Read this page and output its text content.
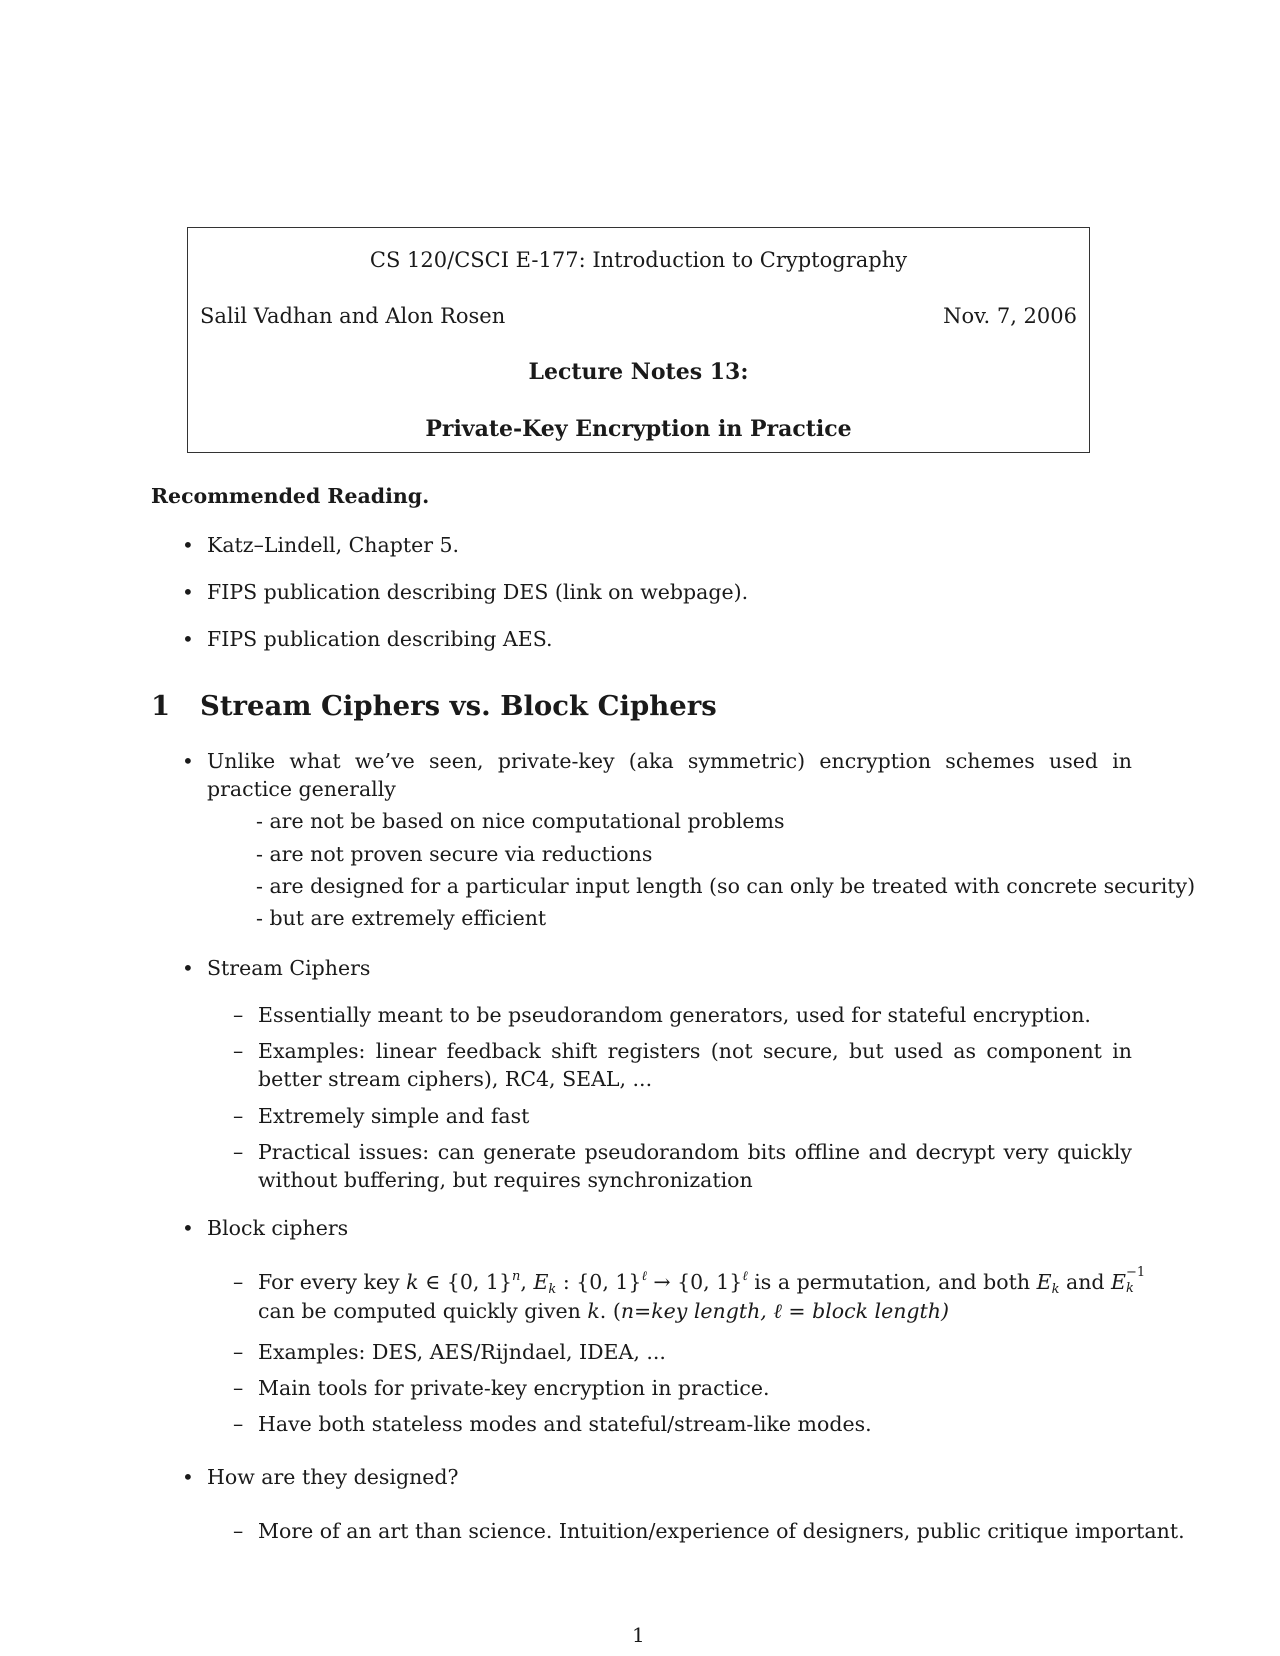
CS 120/CSCI E-177: Introduction to Cryptography
Salil Vadhan and Alon Rosen	Nov. 7, 2006
Lecture Notes 13:
Private-Key Encryption in Practice
Recommended Reading.
• Katz–Lindell, Chapter 5.
• FIPS publication describing DES (link on webpage).
• FIPS publication describing AES.
1 Stream Ciphers vs. Block Ciphers
• Unlike what we’ve seen, private-key (aka symmetric) encryption schemes used in practice generally
- are not be based on nice computational problems
- are not proven secure via reductions
- are designed for a particular input length (so can only be treated with concrete security)
- but are extremely efficient
• Stream Ciphers
– Essentially meant to be pseudorandom generators, used for stateful encryption.
– Examples: linear feedback shift registers (not secure, but used as component in better stream ciphers), RC4, SEAL, ...
– Extremely simple and fast
– Practical issues: can generate pseudorandom bits offline and decrypt very quickly without buffering, but requires synchronization
• Block ciphers
– For every key k ∈ {0, 1}$^n$, $E_k$ : {0, 1}$^\ell$ → {0, 1}$^\ell$ is a permutation, and both $E_k$ and E −1
k
can be computed quickly given k. (n=key length, ℓ = block length)
– Examples: DES, AES/Rijndael, IDEA, ...
– Main tools for private-key encryption in practice.
– Have both stateless modes and stateful/stream-like modes.
• How are they designed?
– More of an art than science. Intuition/experience of designers, public critique important.
1
